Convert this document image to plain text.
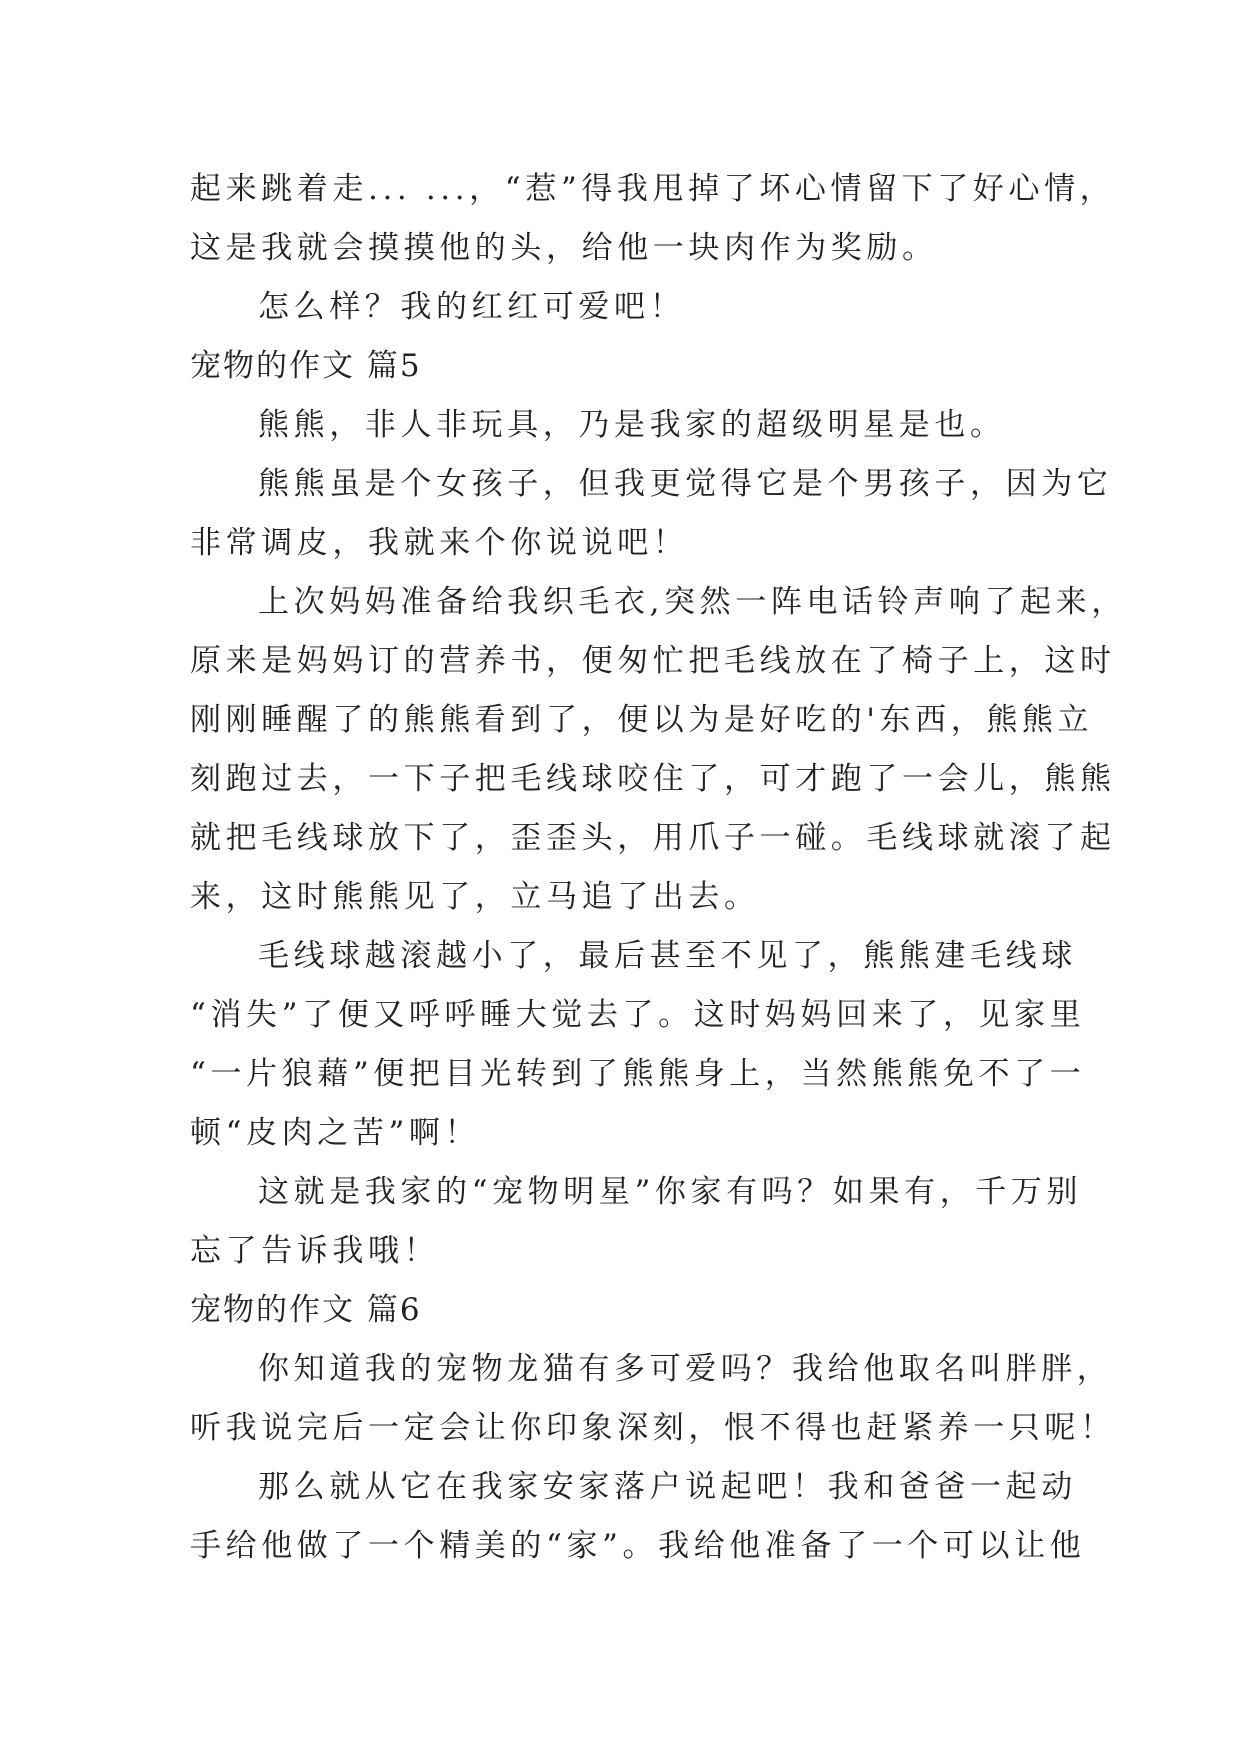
起来跳着走... ...，“惹”得我甩掉了坏心情留下了好心情，
这是我就会摸摸他的头，给他一块肉作为奖励。
怎么样？我的红红可爱吧！
宠物的作文 篇5
熊熊，非人非玩具，乃是我家的超级明星是也。
熊熊虽是个女孩子，但我更觉得它是个男孩子，因为它
非常调皮，我就来个你说说吧！
上次妈妈准备给我织毛衣,突然一阵电话铃声响了起来，
原来是妈妈订的营养书，便匆忙把毛线放在了椅子上，这时
刚刚睡醒了的熊熊看到了，便以为是好吃的'东西，熊熊立
刻跑过去，一下子把毛线球咬住了，可才跑了一会儿，熊熊
就把毛线球放下了，歪歪头，用爪子一碰。毛线球就滚了起
来，这时熊熊见了，立马追了出去。
毛线球越滚越小了，最后甚至不见了，熊熊建毛线球
“消失”了便又呼呼睡大觉去了。这时妈妈回来了，见家里
“一片狼藉”便把目光转到了熊熊身上，当然熊熊免不了一
顿“皮肉之苦”啊！
这就是我家的“宠物明星”你家有吗？如果有，千万别
忘了告诉我哦！
宠物的作文 篇6
你知道我的宠物龙猫有多可爱吗？我给他取名叫胖胖，
听我说完后一定会让你印象深刻，恨不得也赶紧养一只呢！
那么就从它在我家安家落户说起吧！我和爸爸一起动
手给他做了一个精美的“家”。我给他准备了一个可以让他
